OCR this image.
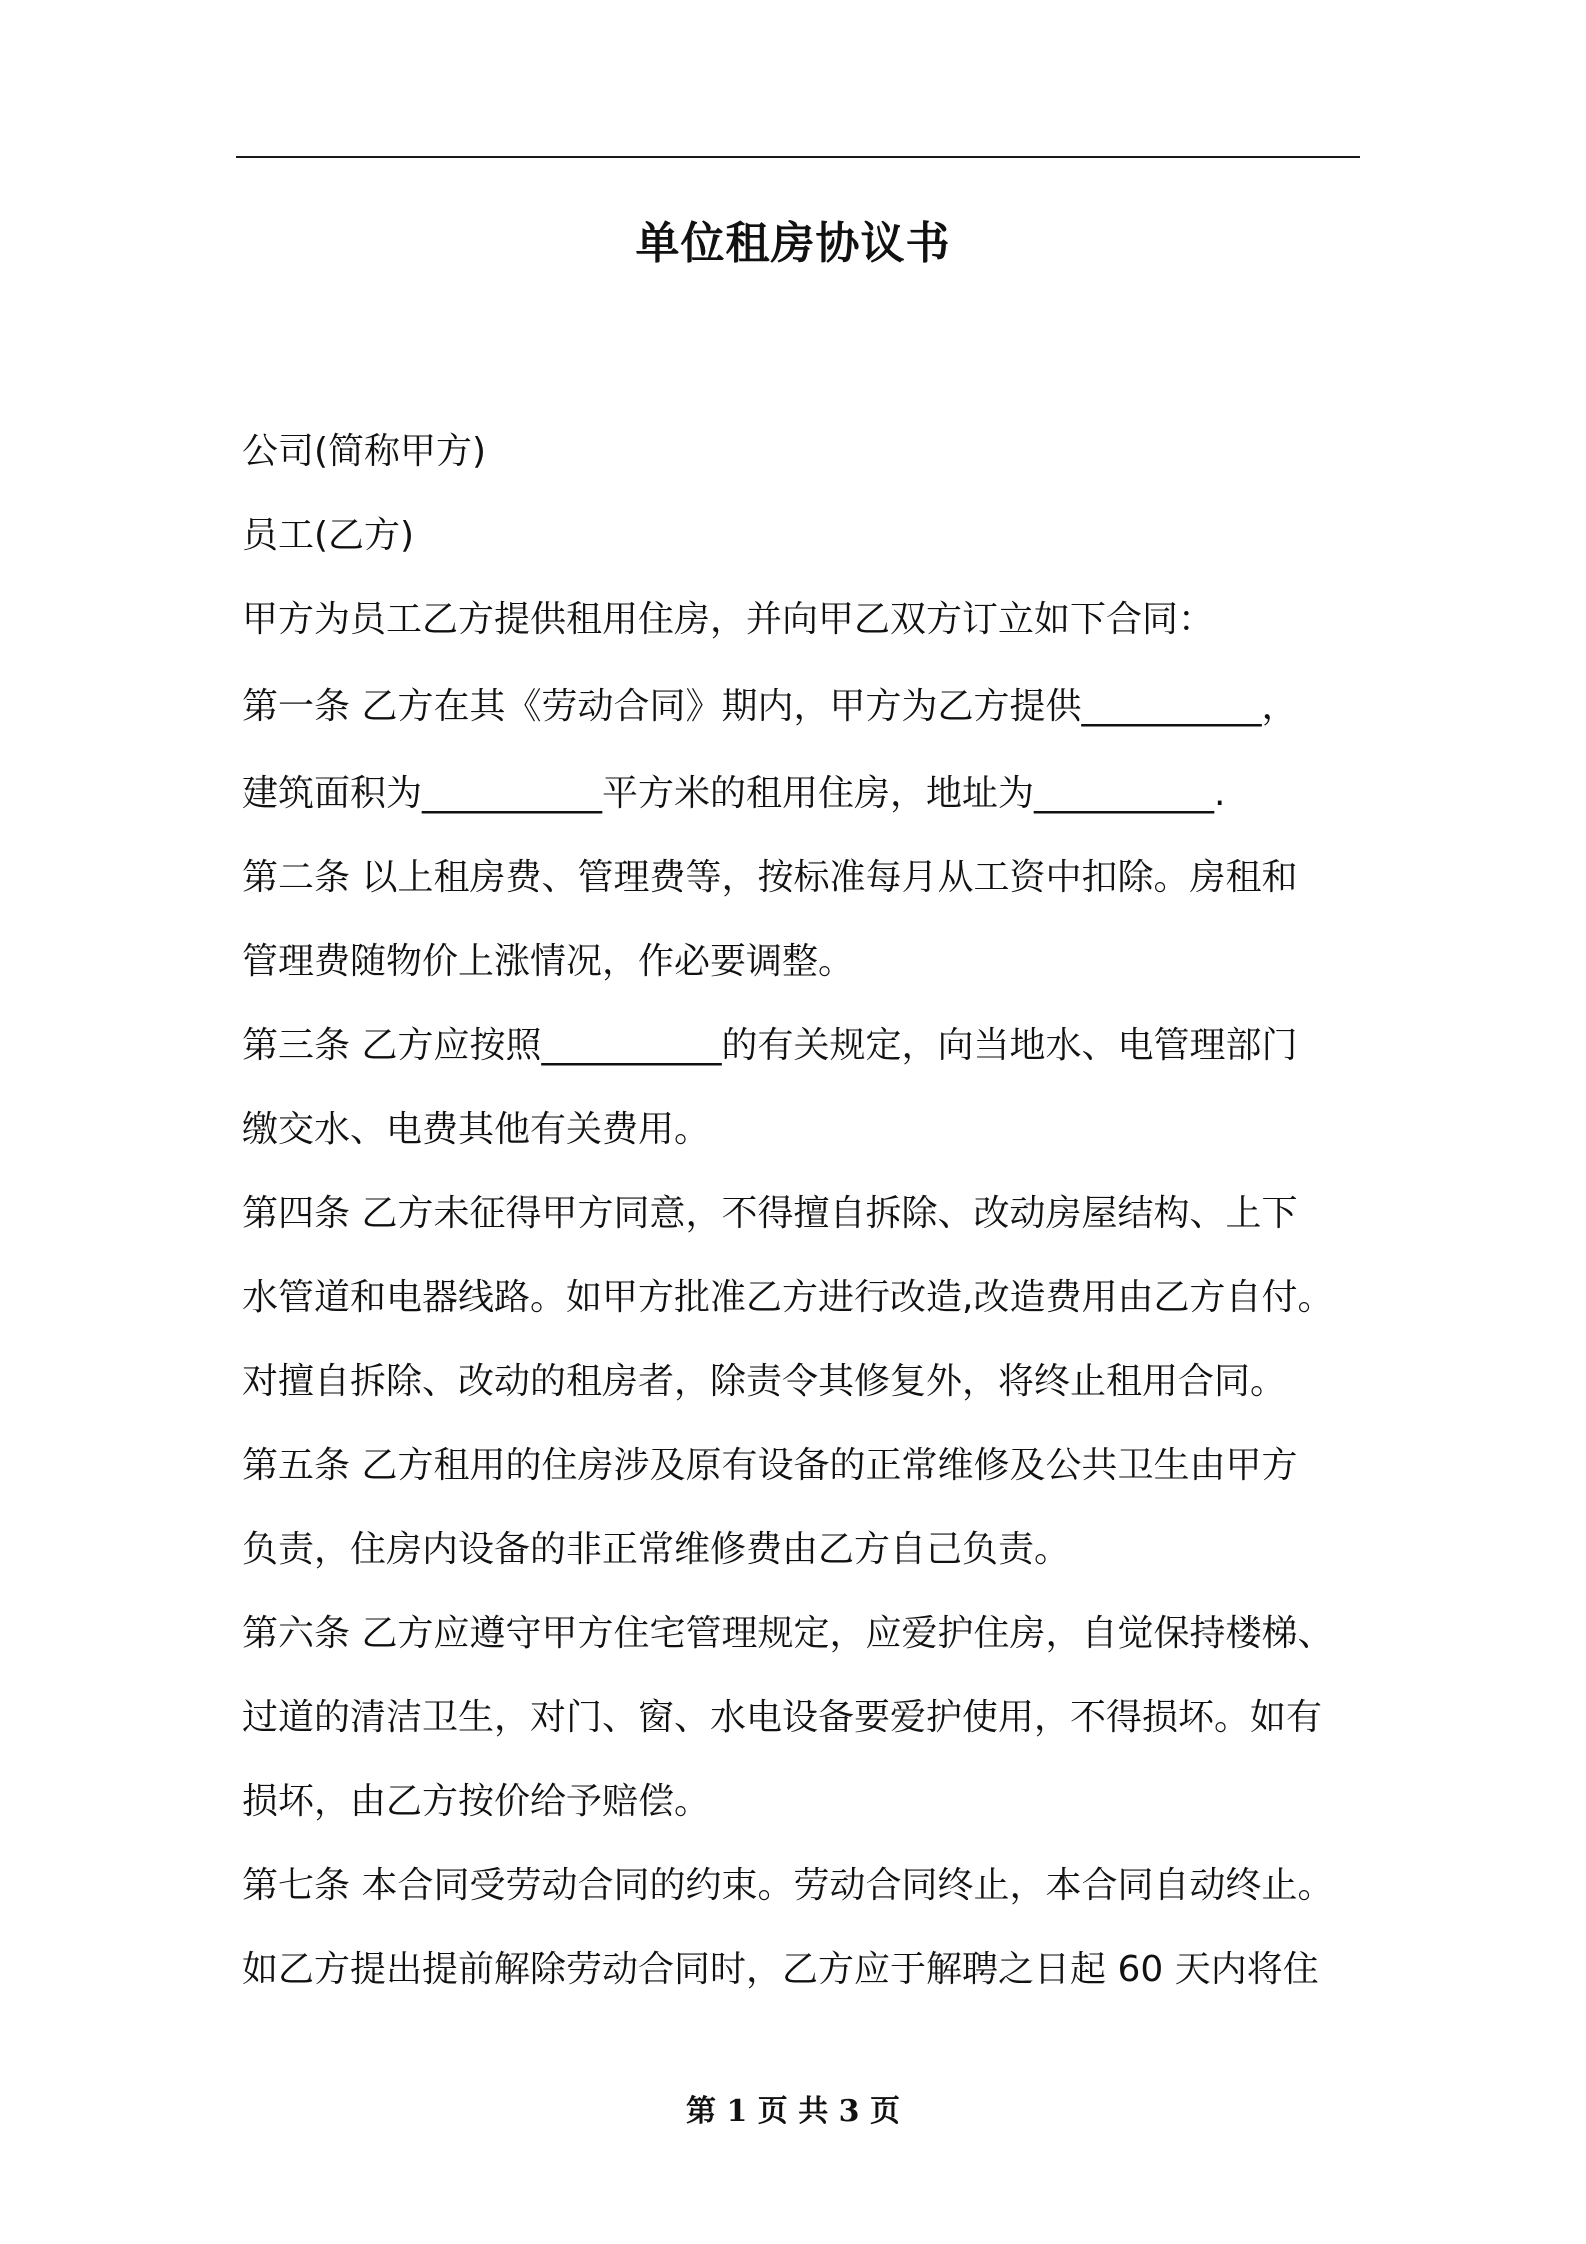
单位租房协议书
公司(简称甲方)
员工(乙方)
甲方为员工乙方提供租用住房，并向甲乙双方订立如下合同：
第一条 乙方在其《劳动合同》期内，甲方为乙方提供__________，
建筑面积为__________平方米的租用住房，地址为__________.
第二条 以上租房费、管理费等，按标准每月从工资中扣除。房租和
管理费随物价上涨情况，作必要调整。
第三条 乙方应按照__________的有关规定，向当地水、电管理部门
缴交水、电费其他有关费用。
第四条 乙方未征得甲方同意，不得擅自拆除、改动房屋结构、上下
水管道和电器线路。如甲方批准乙方进行改造,改造费用由乙方自付。
对擅自拆除、改动的租房者，除责令其修复外，将终止租用合同。
第五条 乙方租用的住房涉及原有设备的正常维修及公共卫生由甲方
负责，住房内设备的非正常维修费由乙方自己负责。
第六条 乙方应遵守甲方住宅管理规定，应爱护住房，自觉保持楼梯、
过道的清洁卫生，对门、窗、水电设备要爱护使用，不得损坏。如有
损坏，由乙方按价给予赔偿。
第七条 本合同受劳动合同的约束。劳动合同终止，本合同自动终止。
如乙方提出提前解除劳动合同时，乙方应于解聘之日起 60 天内将住
第 1 页 共 3 页
